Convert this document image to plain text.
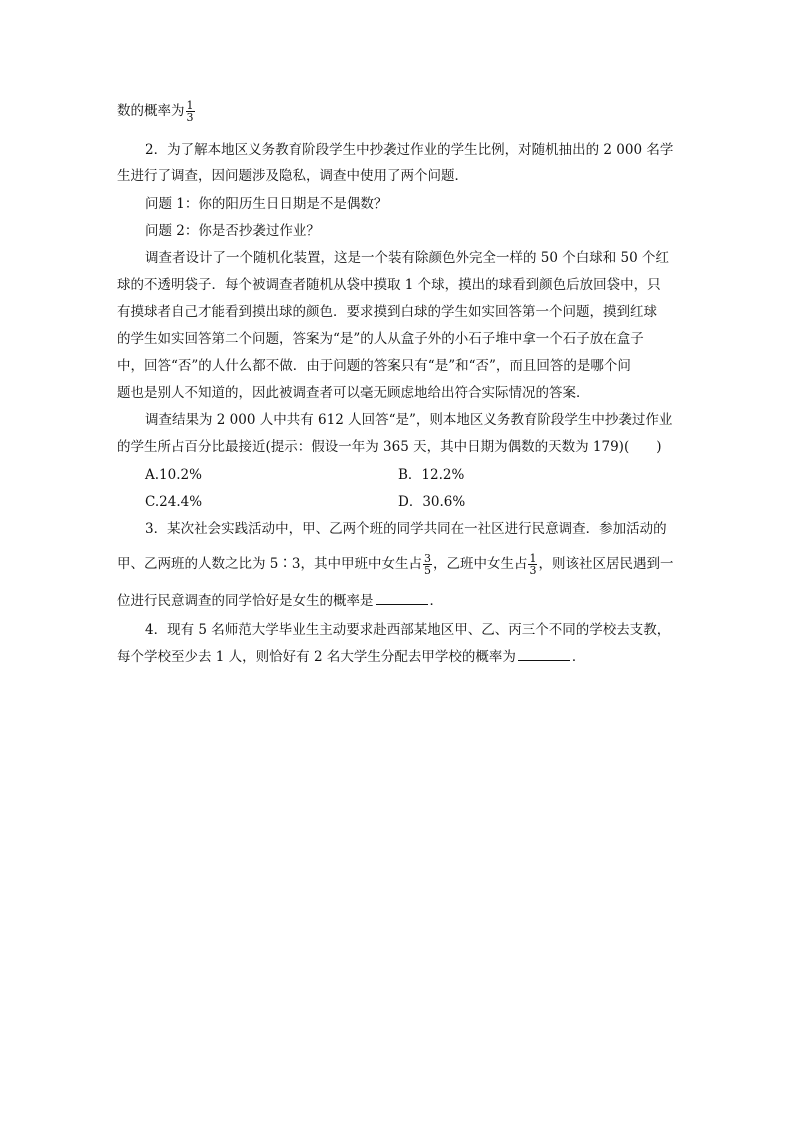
数的概率为 $\frac{1}{3}$
2．为了解本地区义务教育阶段学生中抄袭过作业的学生比例，对随机抽出的 2 000 名学
生进行了调查，因问题涉及隐私，调查中使用了两个问题．
问题 1：你的阳历生日日期是不是偶数？
问题 2：你是否抄袭过作业？
调查者设计了一个随机化装置，这是一个装有除颜色外完全一样的 50 个白球和 50 个红
球的不透明袋子．每个被调查者随机从袋中摸取 1 个球，摸出的球看到颜色后放回袋中，只
有摸球者自己才能看到摸出球的颜色．要求摸到白球的学生如实回答第一个问题，摸到红球
的学生如实回答第二个问题，答案为“是”的人从盒子外的小石子堆中拿一个石子放在盒子
中，回答“否”的人什么都不做．由于问题的答案只有“是”和“否”，而且回答的是哪个问
题也是别人不知道的，因此被调查者可以毫无顾虑地给出符合实际情况的答案．
调查结果为 2 000 人中共有 612 人回答“是”，则本地区义务教育阶段学生中抄袭过作业
的学生所占百分比最接近(提示：假设一年为 365 天，其中日期为偶数的天数为 179)(　　)
A.10.2%	B．12.2%
C.24.4%	D．30.6%
3．某次社会实践活动中，甲、乙两个班的同学共同在一社区进行民意调查．参加活动的
甲、乙两班的人数之比为 5∶3，其中甲班中女生占 $\frac{3}{5}$ ，乙班中女生占 $\frac{1}{3}$ ，则该社区居民遇到一
位进行民意调查的同学恰好是女生的概率是	．
4．现有 5 名师范大学毕业生主动要求赴西部某地区甲、乙、丙三个不同的学校去支教，
每个学校至少去 1 人，则恰好有 2 名大学生分配去甲学校的概率为	．
